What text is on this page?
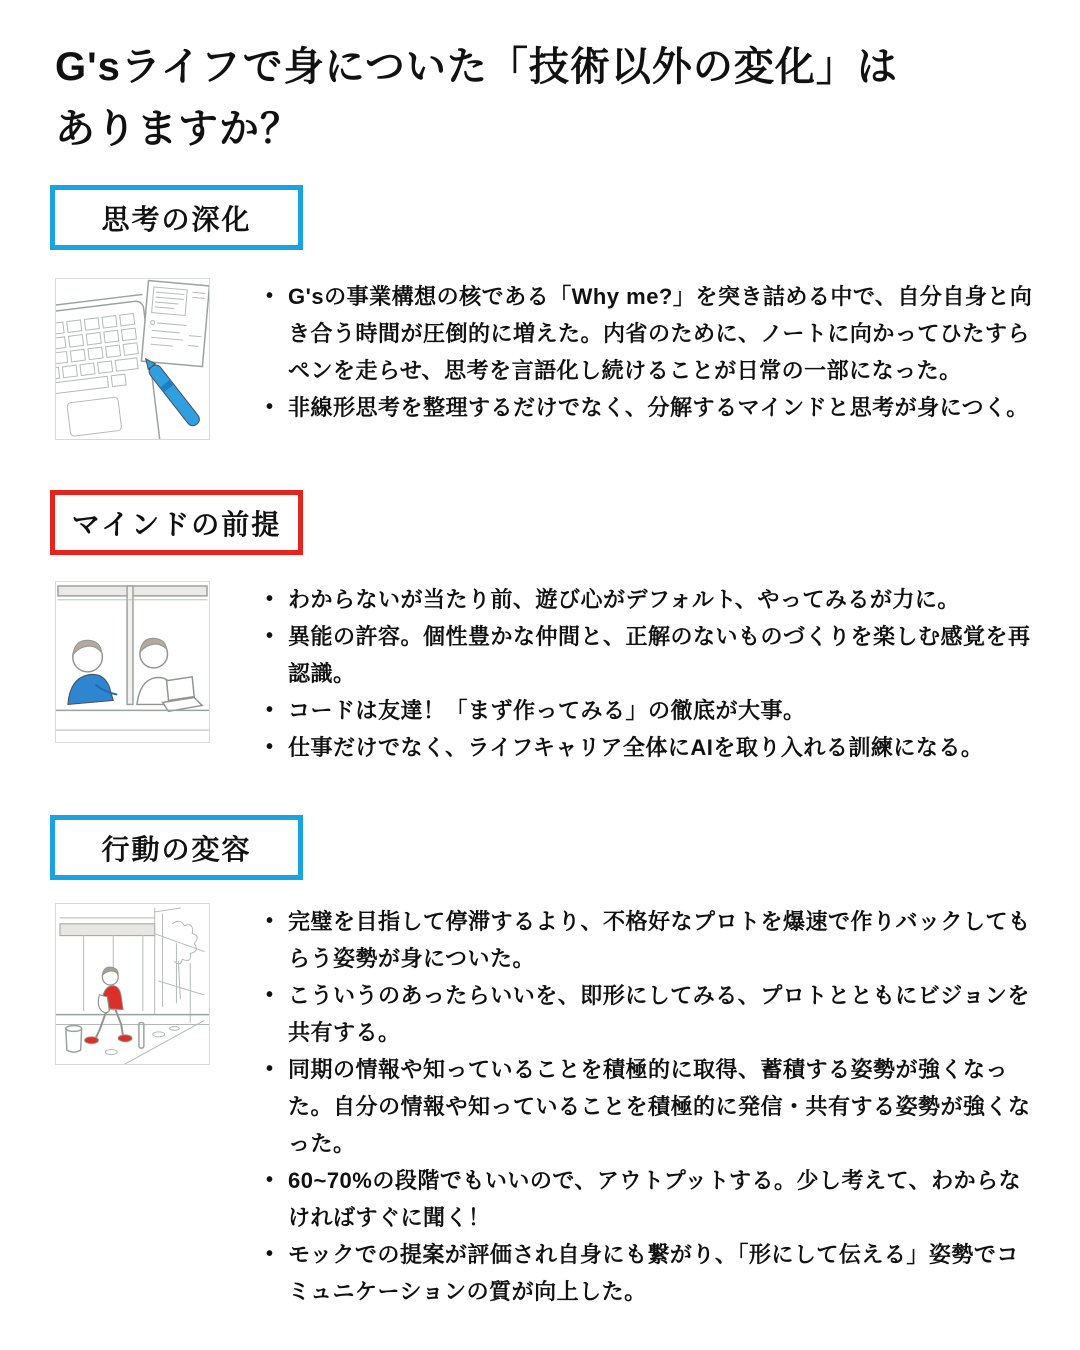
G'sライフで身についた「技術以外の変化」は
ありますか？
思考の深化
• G'sの事業構想の核である「Why me?」を突き詰める中で、自分自身と向き合う時間が圧倒的に増えた。内省のために、ノートに向かってひたすらペンを走らせ、思考を言語化し続けることが日常の一部になった。
• 非線形思考を整理するだけでなく、分解するマインドと思考が身につく。
マインドの前提
• わからないが当たり前、遊び心がデフォルト、やってみるが力に。
• 異能の許容。個性豊かな仲間と、正解のないものづくりを楽しむ感覚を再認識。
• コードは友達！「まず作ってみる」の徹底が大事。
• 仕事だけでなく、ライフキャリア全体にAIを取り入れる訓練になる。
行動の変容
• 完璧を目指して停滞するより、不格好なプロトを爆速で作りバックしてもらう姿勢が身についた。
• こういうのあったらいいを、即形にしてみる、プロトとともにビジョンを共有する。
• 同期の情報や知っていることを積極的に取得、蓄積する姿勢が強くなった。自分の情報や知っていることを積極的に発信・共有する姿勢が強くなった。
• 60~70%の段階でもいいので、アウトプットする。少し考えて、わからなければすぐに聞く！
• モックでの提案が評価され自身にも繋がり、「形にして伝える」姿勢でコミュニケーションの質が向上した。
